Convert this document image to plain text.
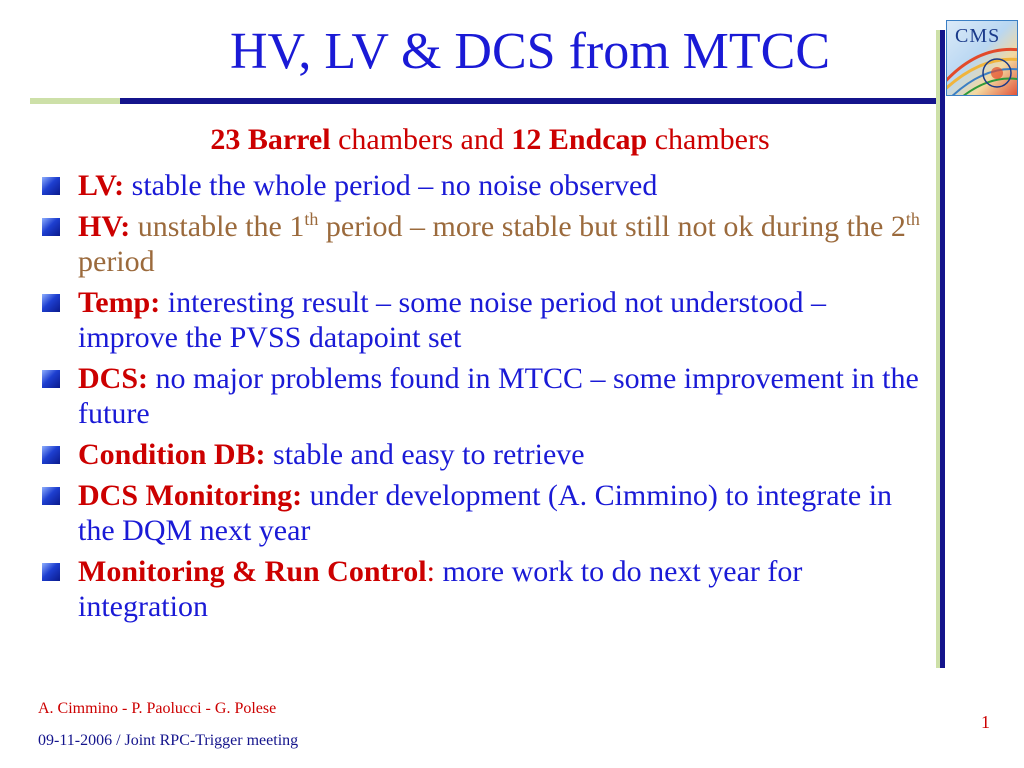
HV, LV & DCS from MTCC	CMS
23 Barrel chambers and 12 Endcap chambers
LV: stable the whole period – no noise observed
HV: unstable the 1th period – more stable but still not ok during the 2th period
Temp: interesting result – some noise period not understood – improve the PVSS datapoint set
DCS: no major problems found in MTCC – some improvement in the future
Condition DB: stable and easy to retrieve
DCS Monitoring: under development (A. Cimmino) to integrate in the DQM next year
Monitoring & Run Control: more work to do next year for integration
A. Cimmino - P. Paolucci - G. Polese
09-11-2006 / Joint RPC-Trigger meeting
1
